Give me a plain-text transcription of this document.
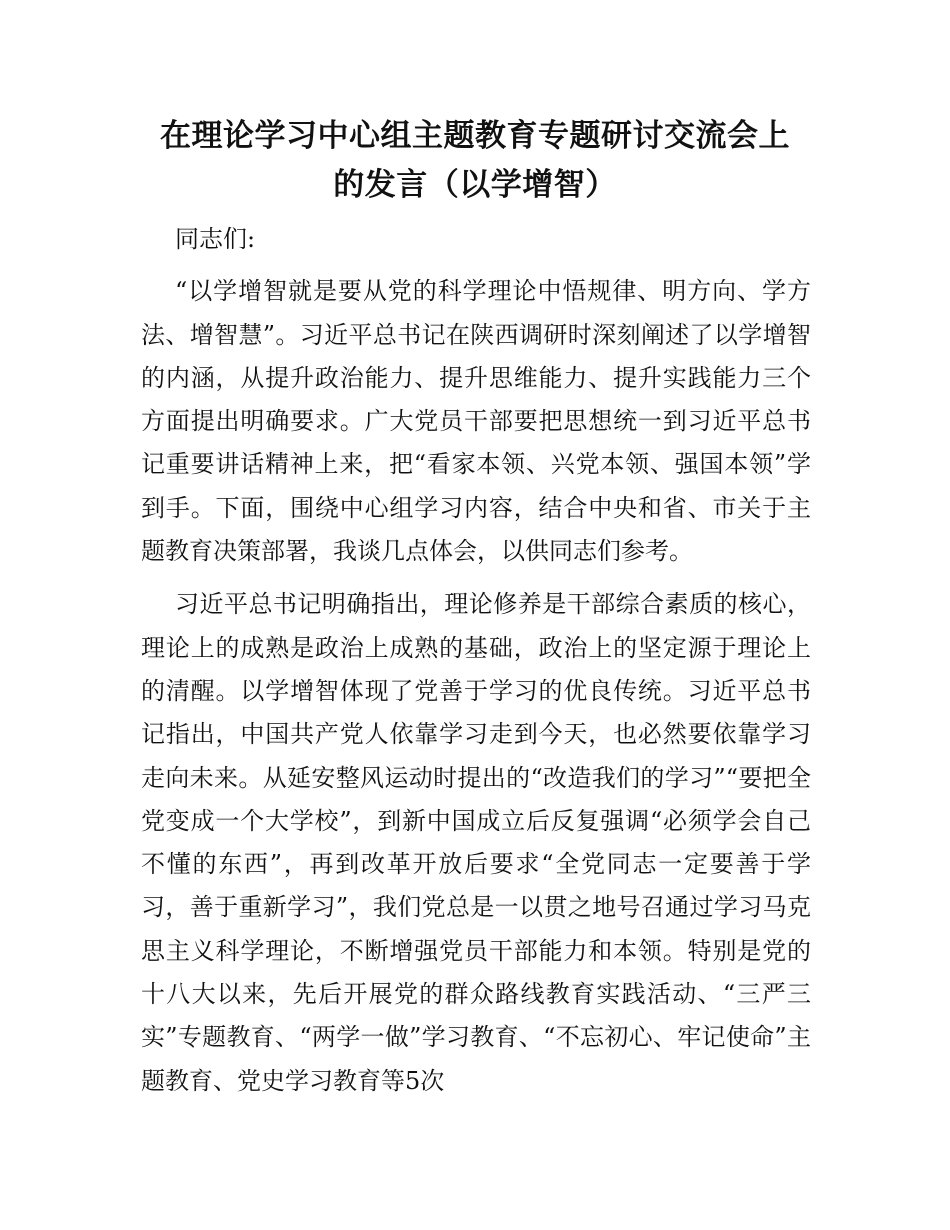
在理论学习中心组主题教育专题研讨交流会上
的发言（以学增智）

同志们:

“以学增智就是要从党的科学理论中悟规律、明方向、学方法、增智慧”。习近平总书记在陕西调研时深刻阐述了以学增智的内涵，从提升政治能力、提升思维能力、提升实践能力三个方面提出明确要求。广大党员干部要把思想统一到习近平总书记重要讲话精神上来，把“看家本领、兴党本领、强国本领”学到手。下面，围绕中心组学习内容，结合中央和省、市关于主题教育决策部署，我谈几点体会，以供同志们参考。

习近平总书记明确指出，理论修养是干部综合素质的核心，理论上的成熟是政治上成熟的基础，政治上的坚定源于理论上的清醒。以学增智体现了党善于学习的优良传统。习近平总书记指出，中国共产党人依靠学习走到今天，也必然要依靠学习走向未来。从延安整风运动时提出的“改造我们的学习”“要把全党变成一个大学校”，到新中国成立后反复强调“必须学会自己不懂的东西”，再到改革开放后要求“全党同志一定要善于学习，善于重新学习”，我们党总是一以贯之地号召通过学习马克思主义科学理论，不断增强党员干部能力和本领。特别是党的十八大以来，先后开展党的群众路线教育实践活动、“三严三实”专题教育、“两学一做”学习教育、“不忘初心、牢记使命”主题教育、党史学习教育等5次
